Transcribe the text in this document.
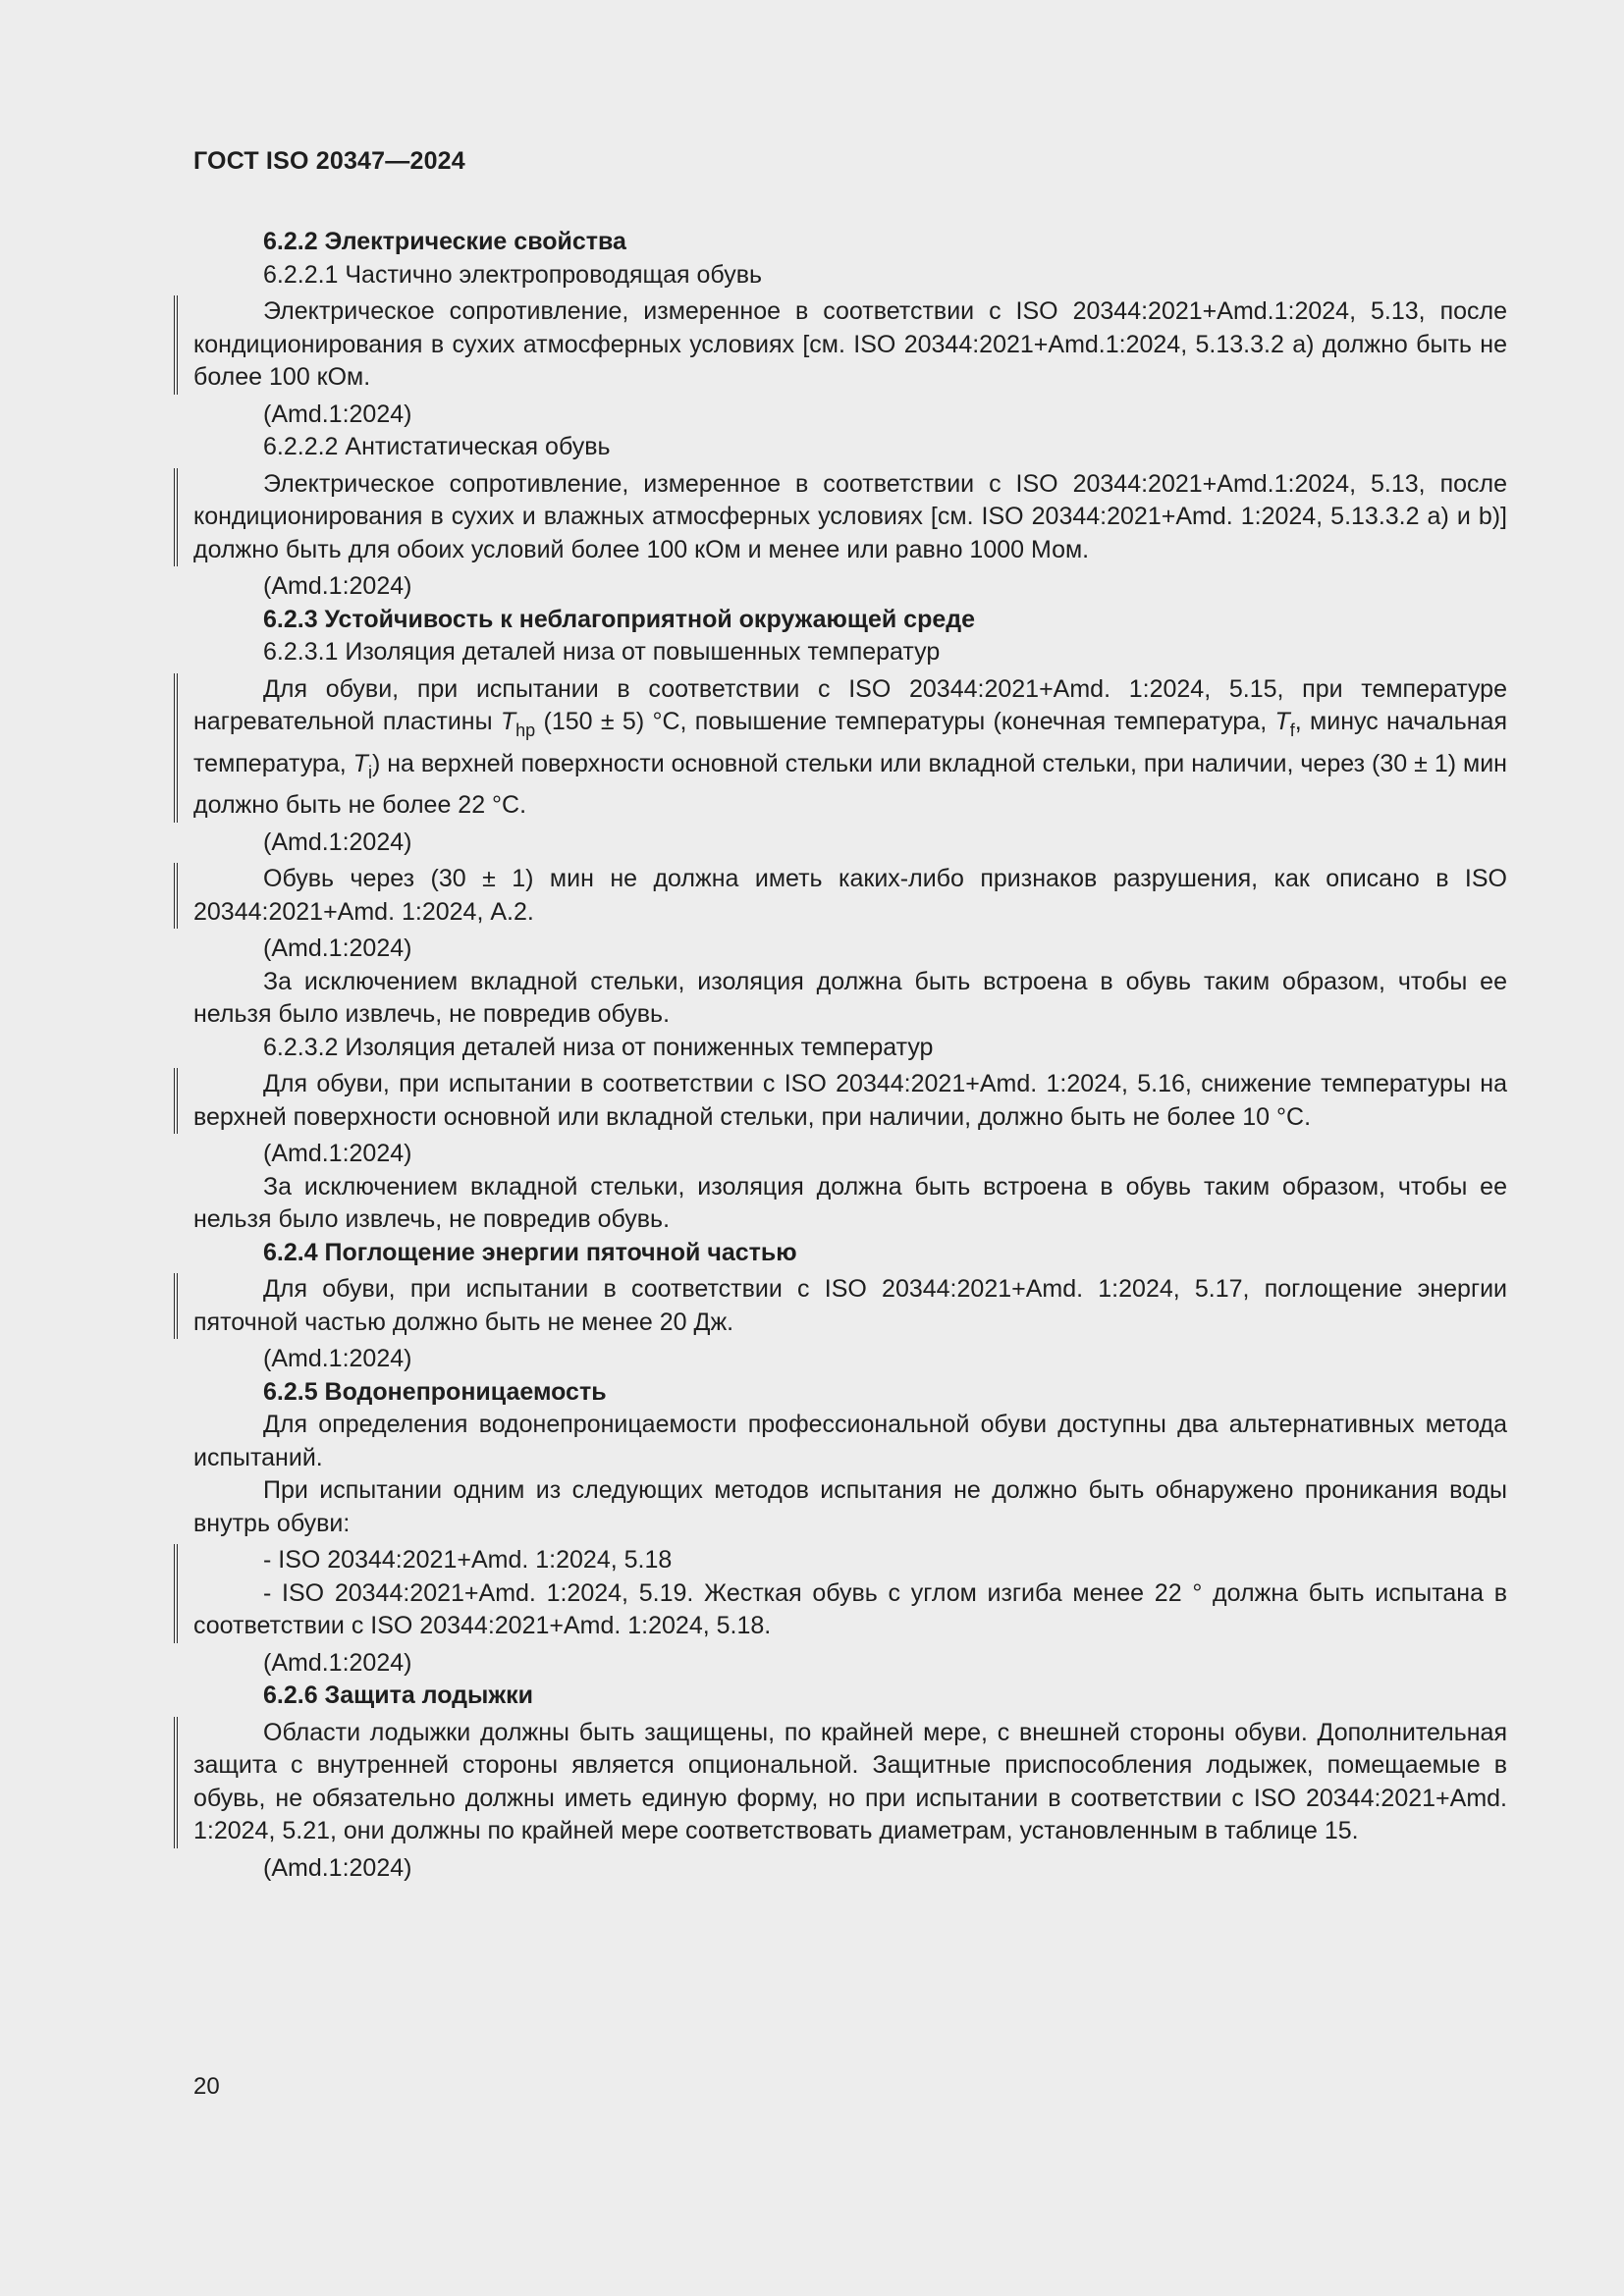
ГОСТ ISO 20347—2024

6.2.2 Электрические свойства

6.2.2.1 Частично электропроводящая обувь

Электрическое сопротивление, измеренное в соответствии с ISO 20344:2021+Amd.1:2024, 5.13, после кондиционирования в сухих атмосферных условиях [см. ISO 20344:2021+Amd.1:2024, 5.13.3.2 а) должно быть не более 100 кОм.

(Amd.1:2024)

6.2.2.2 Антистатическая обувь

Электрическое сопротивление, измеренное в соответствии с ISO 20344:2021+Amd.1:2024, 5.13, после кондиционирования в сухих и влажных атмосферных условиях [см. ISO 20344:2021+Amd. 1:2024, 5.13.3.2 а) и b)] должно быть для обоих условий более 100 кОм и менее или равно 1000 Мом.

(Amd.1:2024)

6.2.3 Устойчивость к неблагоприятной окружающей среде

6.2.3.1 Изоляция деталей низа от повышенных температур

Для обуви, при испытании в соответствии с ISO 20344:2021+Amd. 1:2024, 5.15, при температуре нагревательной пластины $T_{hp}$ (150 ± 5) °С, повышение температуры (конечная температура, $T_f$, минус начальная температура, $T_i$) на верхней поверхности основной стельки или вкладной стельки, при наличии, через (30 ± 1) мин должно быть не более 22 °С.

(Amd.1:2024)

Обувь через (30 ± 1) мин не должна иметь каких-либо признаков разрушения, как описано в ISO 20344:2021+Amd. 1:2024, А.2.

(Amd.1:2024)

За исключением вкладной стельки, изоляция должна быть встроена в обувь таким образом, чтобы ее нельзя было извлечь, не повредив обувь.

6.2.3.2 Изоляция деталей низа от пониженных температур

Для обуви, при испытании в соответствии с ISO 20344:2021+Amd. 1:2024, 5.16, снижение температуры на верхней поверхности основной или вкладной стельки, при наличии, должно быть не более 10 °С.

(Amd.1:2024)

За исключением вкладной стельки, изоляция должна быть встроена в обувь таким образом, чтобы ее нельзя было извлечь, не повредив обувь.

6.2.4 Поглощение энергии пяточной частью

Для обуви, при испытании в соответствии с ISO 20344:2021+Amd. 1:2024, 5.17, поглощение энергии пяточной частью должно быть не менее 20 Дж.

(Amd.1:2024)

6.2.5 Водонепроницаемость

Для определения водонепроницаемости профессиональной обуви доступны два альтернативных метода испытаний.

При испытании одним из следующих методов испытания не должно быть обнаружено проникания воды внутрь обуви:

- ISO 20344:2021+Amd. 1:2024, 5.18

- ISO 20344:2021+Amd. 1:2024, 5.19. Жесткая обувь с углом изгиба менее 22 ° должна быть испытана в соответствии с ISO 20344:2021+Amd. 1:2024, 5.18.

(Amd.1:2024)

6.2.6 Защита лодыжки

Области лодыжки должны быть защищены, по крайней мере, с внешней стороны обуви. Дополнительная защита с внутренней стороны является опциональной. Защитные приспособления лодыжек, помещаемые в обувь, не обязательно должны иметь единую форму, но при испытании в соответствии с ISO 20344:2021+Amd. 1:2024, 5.21, они должны по крайней мере соответствовать диаметрам, установленным в таблице 15.

(Amd.1:2024)

20
